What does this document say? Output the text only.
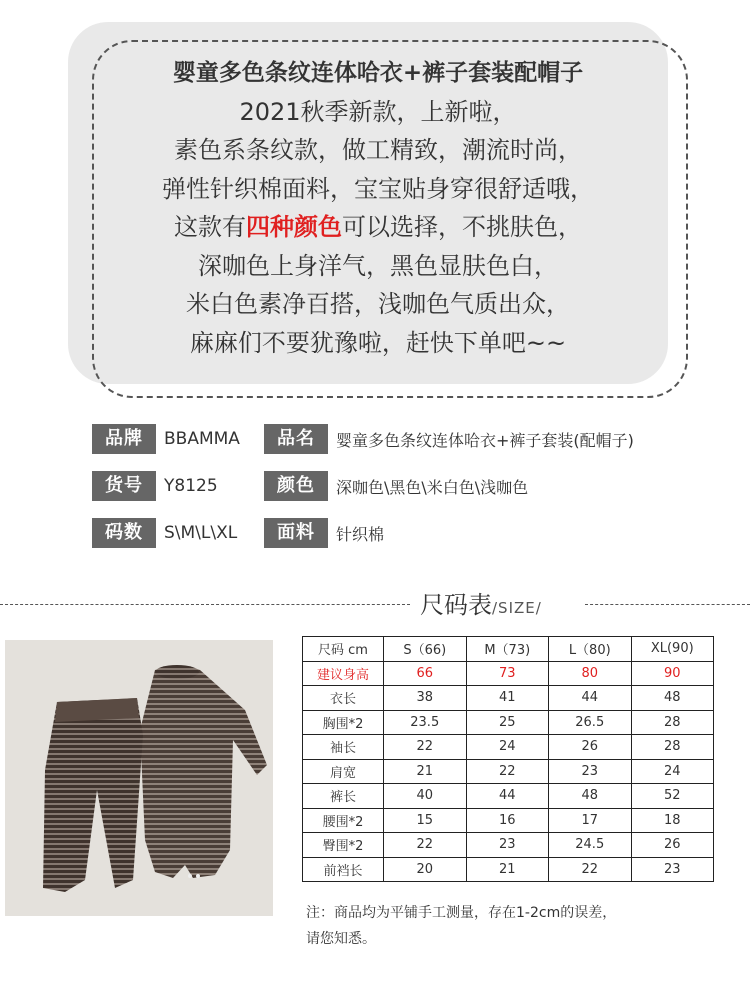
婴童多色条纹连体哈衣+裤子套装配帽子
2021秋季新款，上新啦，
素色系条纹款，做工精致，潮流时尚，
弹性针织棉面料，宝宝贴身穿很舒适哦，
这款有四种颜色可以选择，不挑肤色，
深咖色上身洋气，黑色显肤色白，
米白色素净百搭，浅咖色气质出众，
麻麻们不要犹豫啦，赶快下单吧~~
品牌	BBAMMA	品名	婴童多色条纹连体哈衣+裤子套装(配帽子)
货号	Y8125	颜色	深咖色\黑色\米白色\浅咖色
码数	S\M\L\XL	面料	针织棉
尺码表/SIZE/
尺码 cm	S（66)	M（73)	L（80)	XL(90)
建议身高	66	73	80	90
衣长	38	41	44	48
胸围*2	23.5	25	26.5	28
袖长	22	24	26	28
肩宽	21	22	23	24
裤长	40	44	48	52
腰围*2	15	16	17	18
臀围*2	22	23	24.5	26
前裆长	20	21	22	23
注：商品均为平铺手工测量，存在1-2cm的误差，
请您知悉。
